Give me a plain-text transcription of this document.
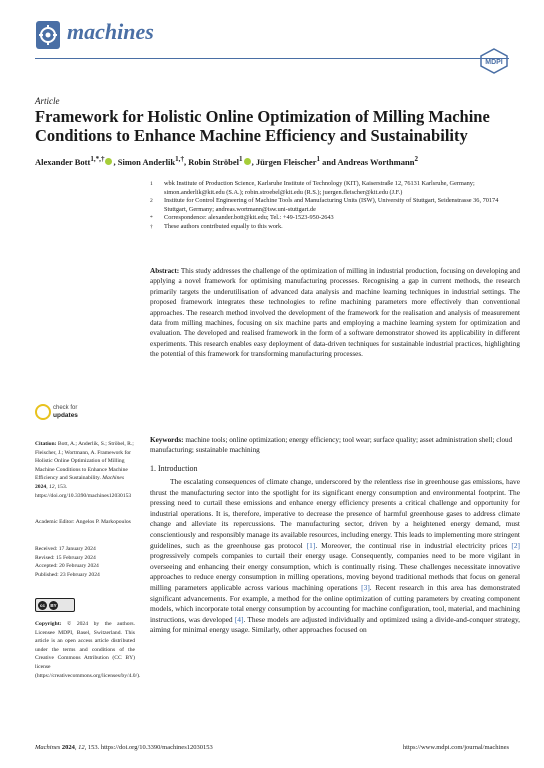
machines
MDPI
Article
Framework for Holistic Online Optimization of Milling Machine Conditions to Enhance Machine Efficiency and Sustainability
Alexander Bott$^{1,*,\dagger}$ , Simon Anderlik$^{1,\dagger}$, Robin Ströbel$^1$ , Jürgen Fleischer$^1$ and Andreas Worthmann$^2$
1	wbk Institute of Production Science, Karlsruhe Institute of Technology (KIT), Kaiserstraße 12, 76131 Karlsruhe, Germany; simon.anderlik@kit.edu (S.A.); robin.stroebel@kit.edu (R.S.); juergen.fleischer@kit.edu (J.F.)
2	Institute for Control Engineering of Machine Tools and Manufacturing Units (ISW), University of Stuttgart, Seidenstrasse 36, 70174 Stuttgart, Germany; andreas.wortmann@isw.uni-stuttgart.de
*	Correspondence: alexander.bott@kit.edu; Tel.: +49-1523-950-2643
†	These authors contributed equally to this work.
Abstract: This study addresses the challenge of the optimization of milling in industrial production, focusing on developing and applying a novel framework for optimising manufacturing processes. Recognising a gap in current methods, the research primarily targets the underutilisation of advanced data analysis and machine learning techniques in industrial settings. The proposed framework integrates these technologies to refine machining parameters more effectively than conventional approaches. The research method involved the development of the framework for the realisation and analysis of measurement data from milling machines, focusing on six machine parts and employing a machine learning system for optimization and evaluation. The developed and realised framework in the form of a software demonstrator showed its applicability in different experiments. This research enables easy deployment of data-driven techniques for sustainable industrial practices, highlighting the potential of this framework for transforming manufacturing processes.
Keywords: machine tools; online optimization; energy efficiency; tool wear; surface quality; asset administration shell; cloud manufacturing; sustainable machining
check for
updates
Citation: Bott, A.; Anderlik, S.; Ströbel, R.; Fleischer, J.; Wortmann, A. Framework for Holistic Online Optimization of Milling Machine Conditions to Enhance Machine Efficiency and Sustainability. Machines 2024, 12, 153. https://doi.org/10.3390/machines12030153
Academic Editor: Angelos P. Markopoulos
Received: 17 January 2024
Revised: 15 February 2024
Accepted: 20 February 2024
Published: 23 February 2024
cc	BY
Copyright: © 2024 by the authors. Licensee MDPI, Basel, Switzerland. This article is an open access article distributed under the terms and conditions of the Creative Commons Attribution (CC BY) license (https://creativecommons.org/licenses/by/4.0/).
1. Introduction
The escalating consequences of climate change, underscored by the relentless rise in greenhouse gas emissions, have thrust the manufacturing sector into the spotlight for its significant energy consumption and environmental footprint. The pressing need to curtail these emissions and enhance energy efficiency presents a critical challenge and opportunity for industrial operations. It is, therefore, imperative to decrease the presence of harmful greenhouse gases to address climate change and alleviate its repercussions. The manufacturing sector, driven by a heightened energy demand, must conscientiously and responsibly manage its available resources, including energy. This leads to implementing more stringent guidelines, such as the greenhouse gas protocol [1]. Moreover, the continual rise in industrial electricity prices [2] progressively compels companies to curtail their energy usage. Consequently, companies need to be more vigilant in overseeing and enhancing their energy consumption, which is continually rising. These challenges necessitate innovative approaches to reduce energy consumption in milling operations, moving beyond traditional methods that focus on general milling parameters applicable across various machining operations [3]. Recent research in this area has demonstrated significant advancements. For example, a method for the online optimization of cutting parameters by creating component models, which incorporate total energy consumption by accounting for machine configuration, tool, material, and machining instructions, was developed [4]. These models are adjusted individually and optimized using a divide-and-conquer strategy, aiming for minimal energy usage. Similarly, other approaches focused on
Machines 2024, 12, 153. https://doi.org/10.3390/machines12030153	https://www.mdpi.com/journal/machines
